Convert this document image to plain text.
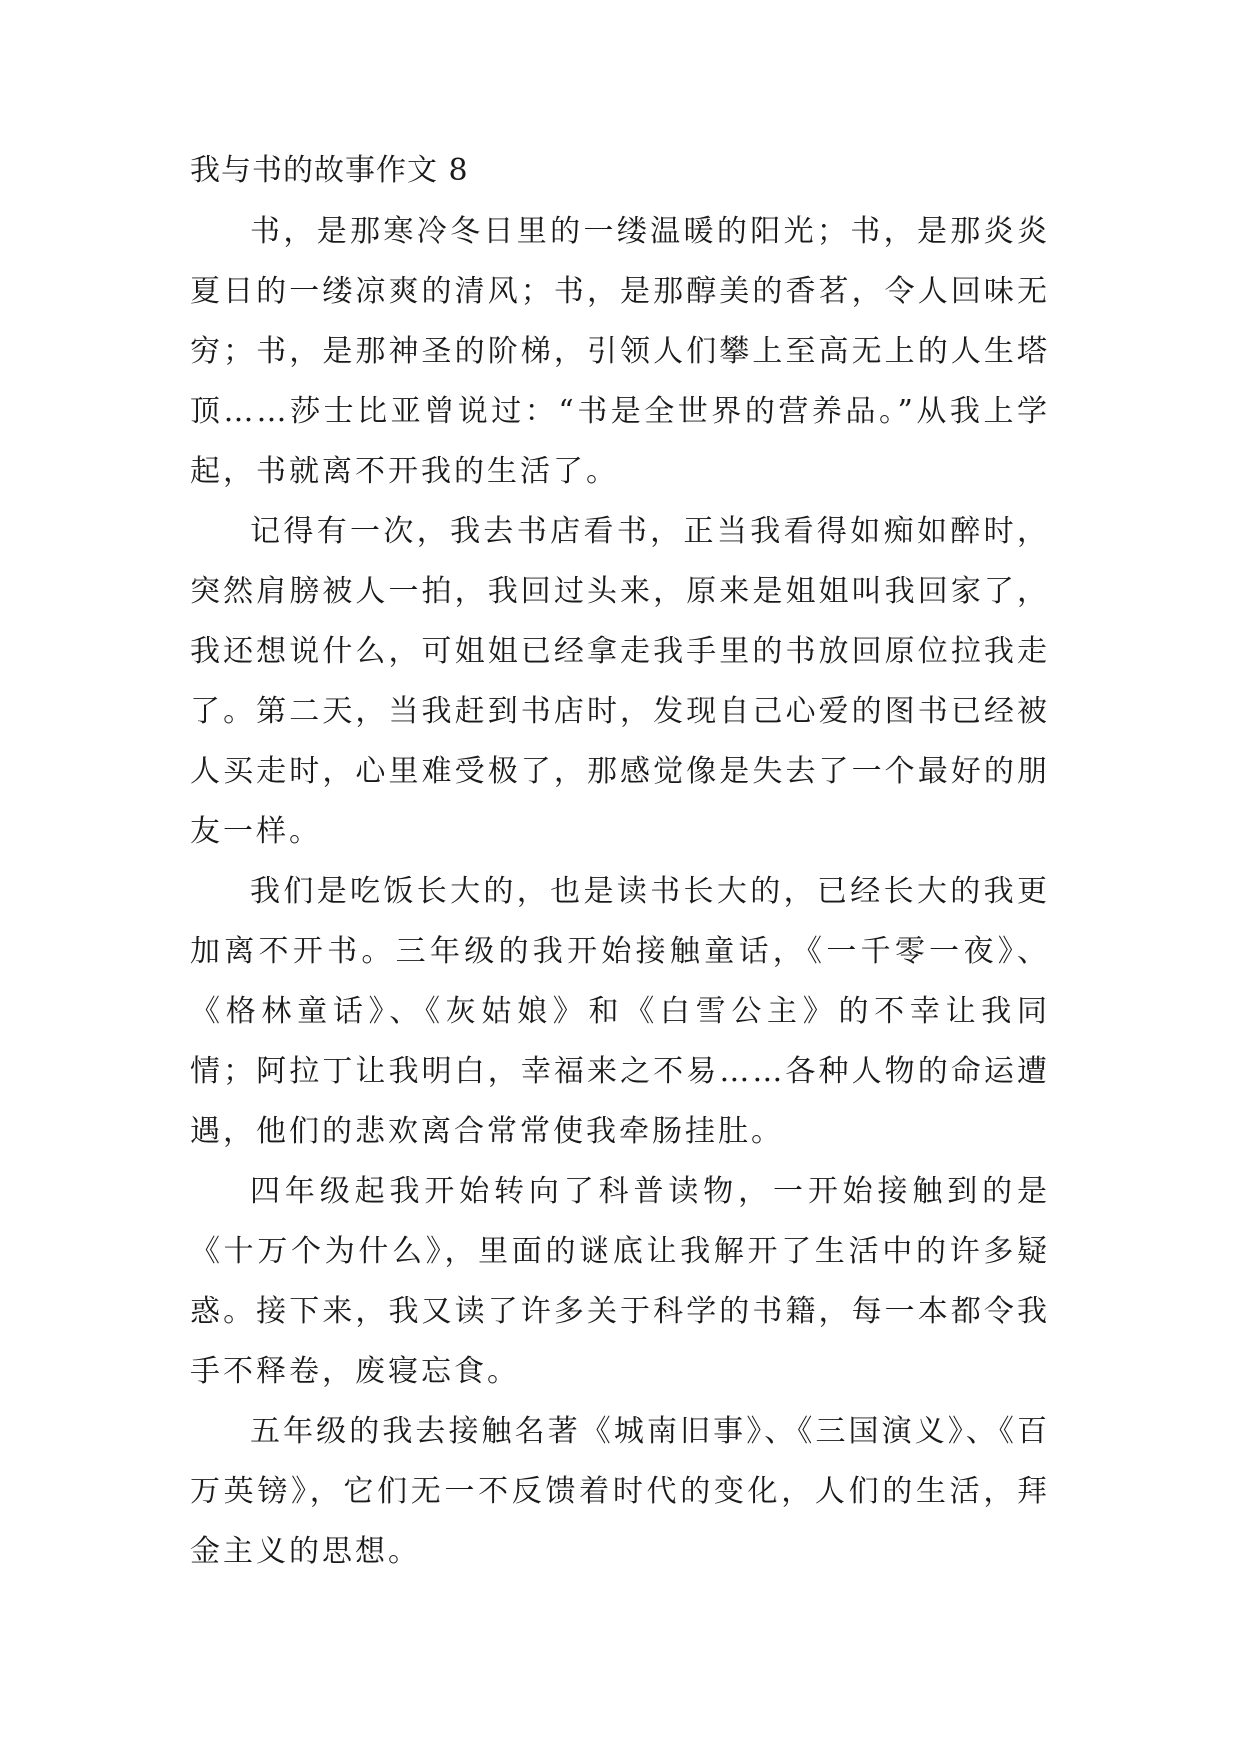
我与书的故事作文 8

书，是那寒冷冬日里的一缕温暖的阳光；书，是那炎炎夏日的一缕凉爽的清风；书，是那醇美的香茗，令人回味无穷；书，是那神圣的阶梯，引领人们攀上至高无上的人生塔顶……莎士比亚曾说过：“书是全世界的营养品。”从我上学起，书就离不开我的生活了。

记得有一次，我去书店看书，正当我看得如痴如醉时，突然肩膀被人一拍，我回过头来，原来是姐姐叫我回家了，我还想说什么，可姐姐已经拿走我手里的书放回原位拉我走了。第二天，当我赶到书店时，发现自己心爱的图书已经被人买走时，心里难受极了，那感觉像是失去了一个最好的朋友一样。

我们是吃饭长大的，也是读书长大的，已经长大的我更加离不开书。三年级的我开始接触童话，《一千零一夜》、《格林童话》、《灰姑娘》和《白雪公主》的不幸让我同情；阿拉丁让我明白，幸福来之不易……各种人物的命运遭遇，他们的悲欢离合常常使我牵肠挂肚。

四年级起我开始转向了科普读物，一开始接触到的是《十万个为什么》，里面的谜底让我解开了生活中的许多疑惑。接下来，我又读了许多关于科学的书籍，每一本都令我手不释卷，废寝忘食。

五年级的我去接触名著《城南旧事》、《三国演义》、《百万英镑》，它们无一不反馈着时代的变化，人们的生活，拜金主义的思想。
